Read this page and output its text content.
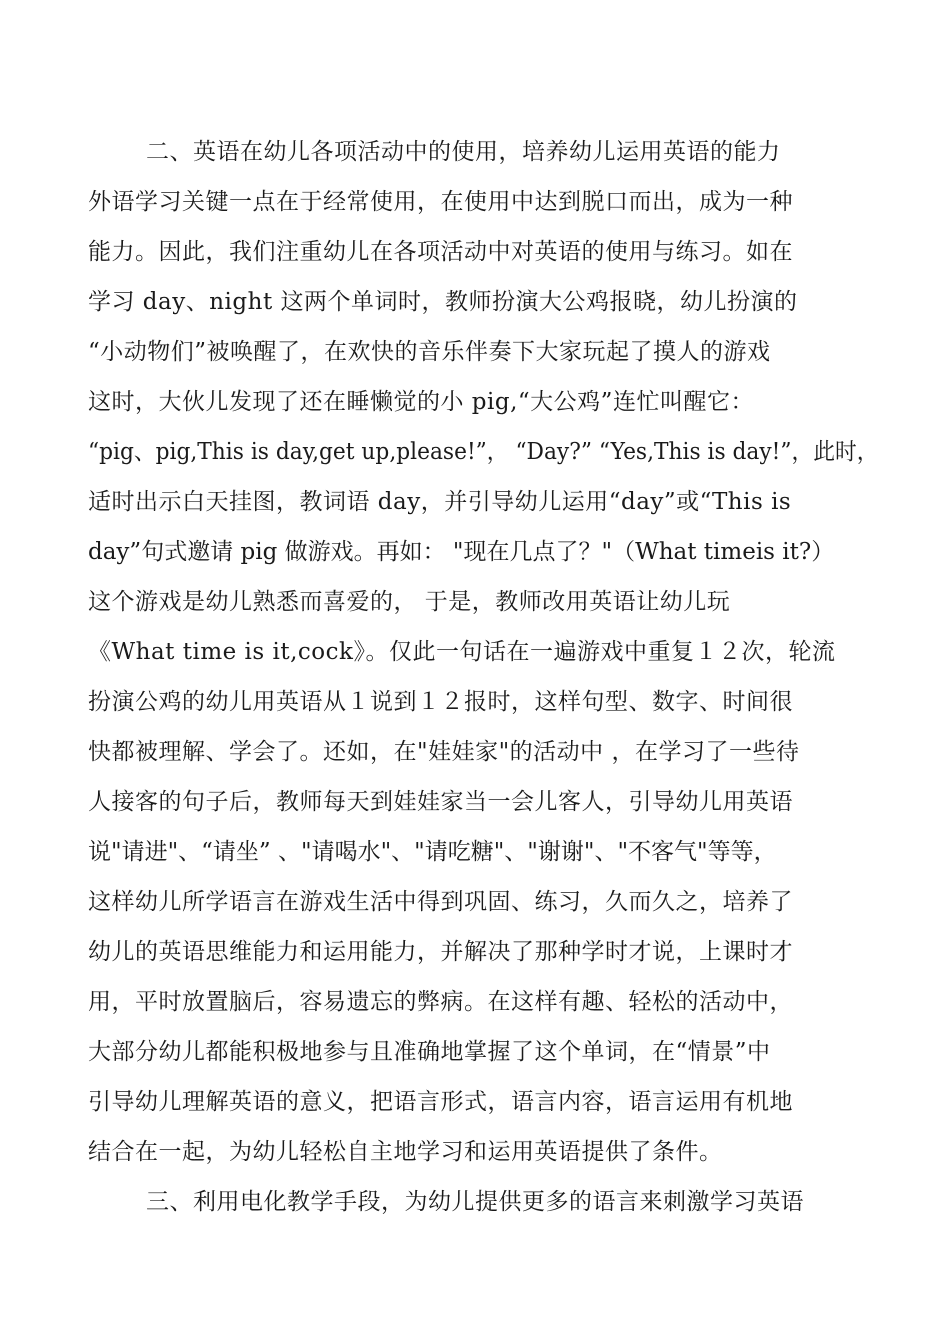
二、英语在幼儿各项活动中的使用，培养幼儿运用英语的能力
外语学习关键一点在于经常使用，在使用中达到脱口而出，成为一种
能力。因此，我们注重幼儿在各项活动中对英语的使用与练习。如在
学习 day、night 这两个单词时，教师扮演大公鸡报晓，幼儿扮演的
“小动物们”被唤醒了，在欢快的音乐伴奏下大家玩起了摸人的游戏
这时，大伙儿发现了还在睡懒觉的小 pig,“大公鸡”连忙叫醒它：
“pig、pig,This is day,get up,please!”， “Day?” “Yes,This is day!”，此时，
适时出示白天挂图，教词语 day，并引导幼儿运用“day”或“This is
day”句式邀请 pig 做游戏。再如： "现在几点了？"（What timeis it?）
这个游戏是幼儿熟悉而喜爱的， 于是，教师改用英语让幼儿玩
《What time is it,cock》。仅此一句话在一遍游戏中重复１２次，轮流
扮演公鸡的幼儿用英语从１说到１２报时，这样句型、数字、时间很
快都被理解、学会了。还如，在"娃娃家"的活动中 ，在学习了一些待
人接客的句子后，教师每天到娃娃家当一会儿客人，引导幼儿用英语
说"请进"、“请坐” 、"请喝水"、"请吃糖"、"谢谢"、"不客气"等等，
这样幼儿所学语言在游戏生活中得到巩固、练习，久而久之，培养了
幼儿的英语思维能力和运用能力，并解决了那种学时才说，上课时才
用，平时放置脑后，容易遗忘的弊病。在这样有趣、轻松的活动中，
大部分幼儿都能积极地参与且准确地掌握了这个单词，在“情景”中
引导幼儿理解英语的意义，把语言形式，语言内容，语言运用有机地
结合在一起，为幼儿轻松自主地学习和运用英语提供了条件。
三、利用电化教学手段，为幼儿提供更多的语言来刺激学习英语
